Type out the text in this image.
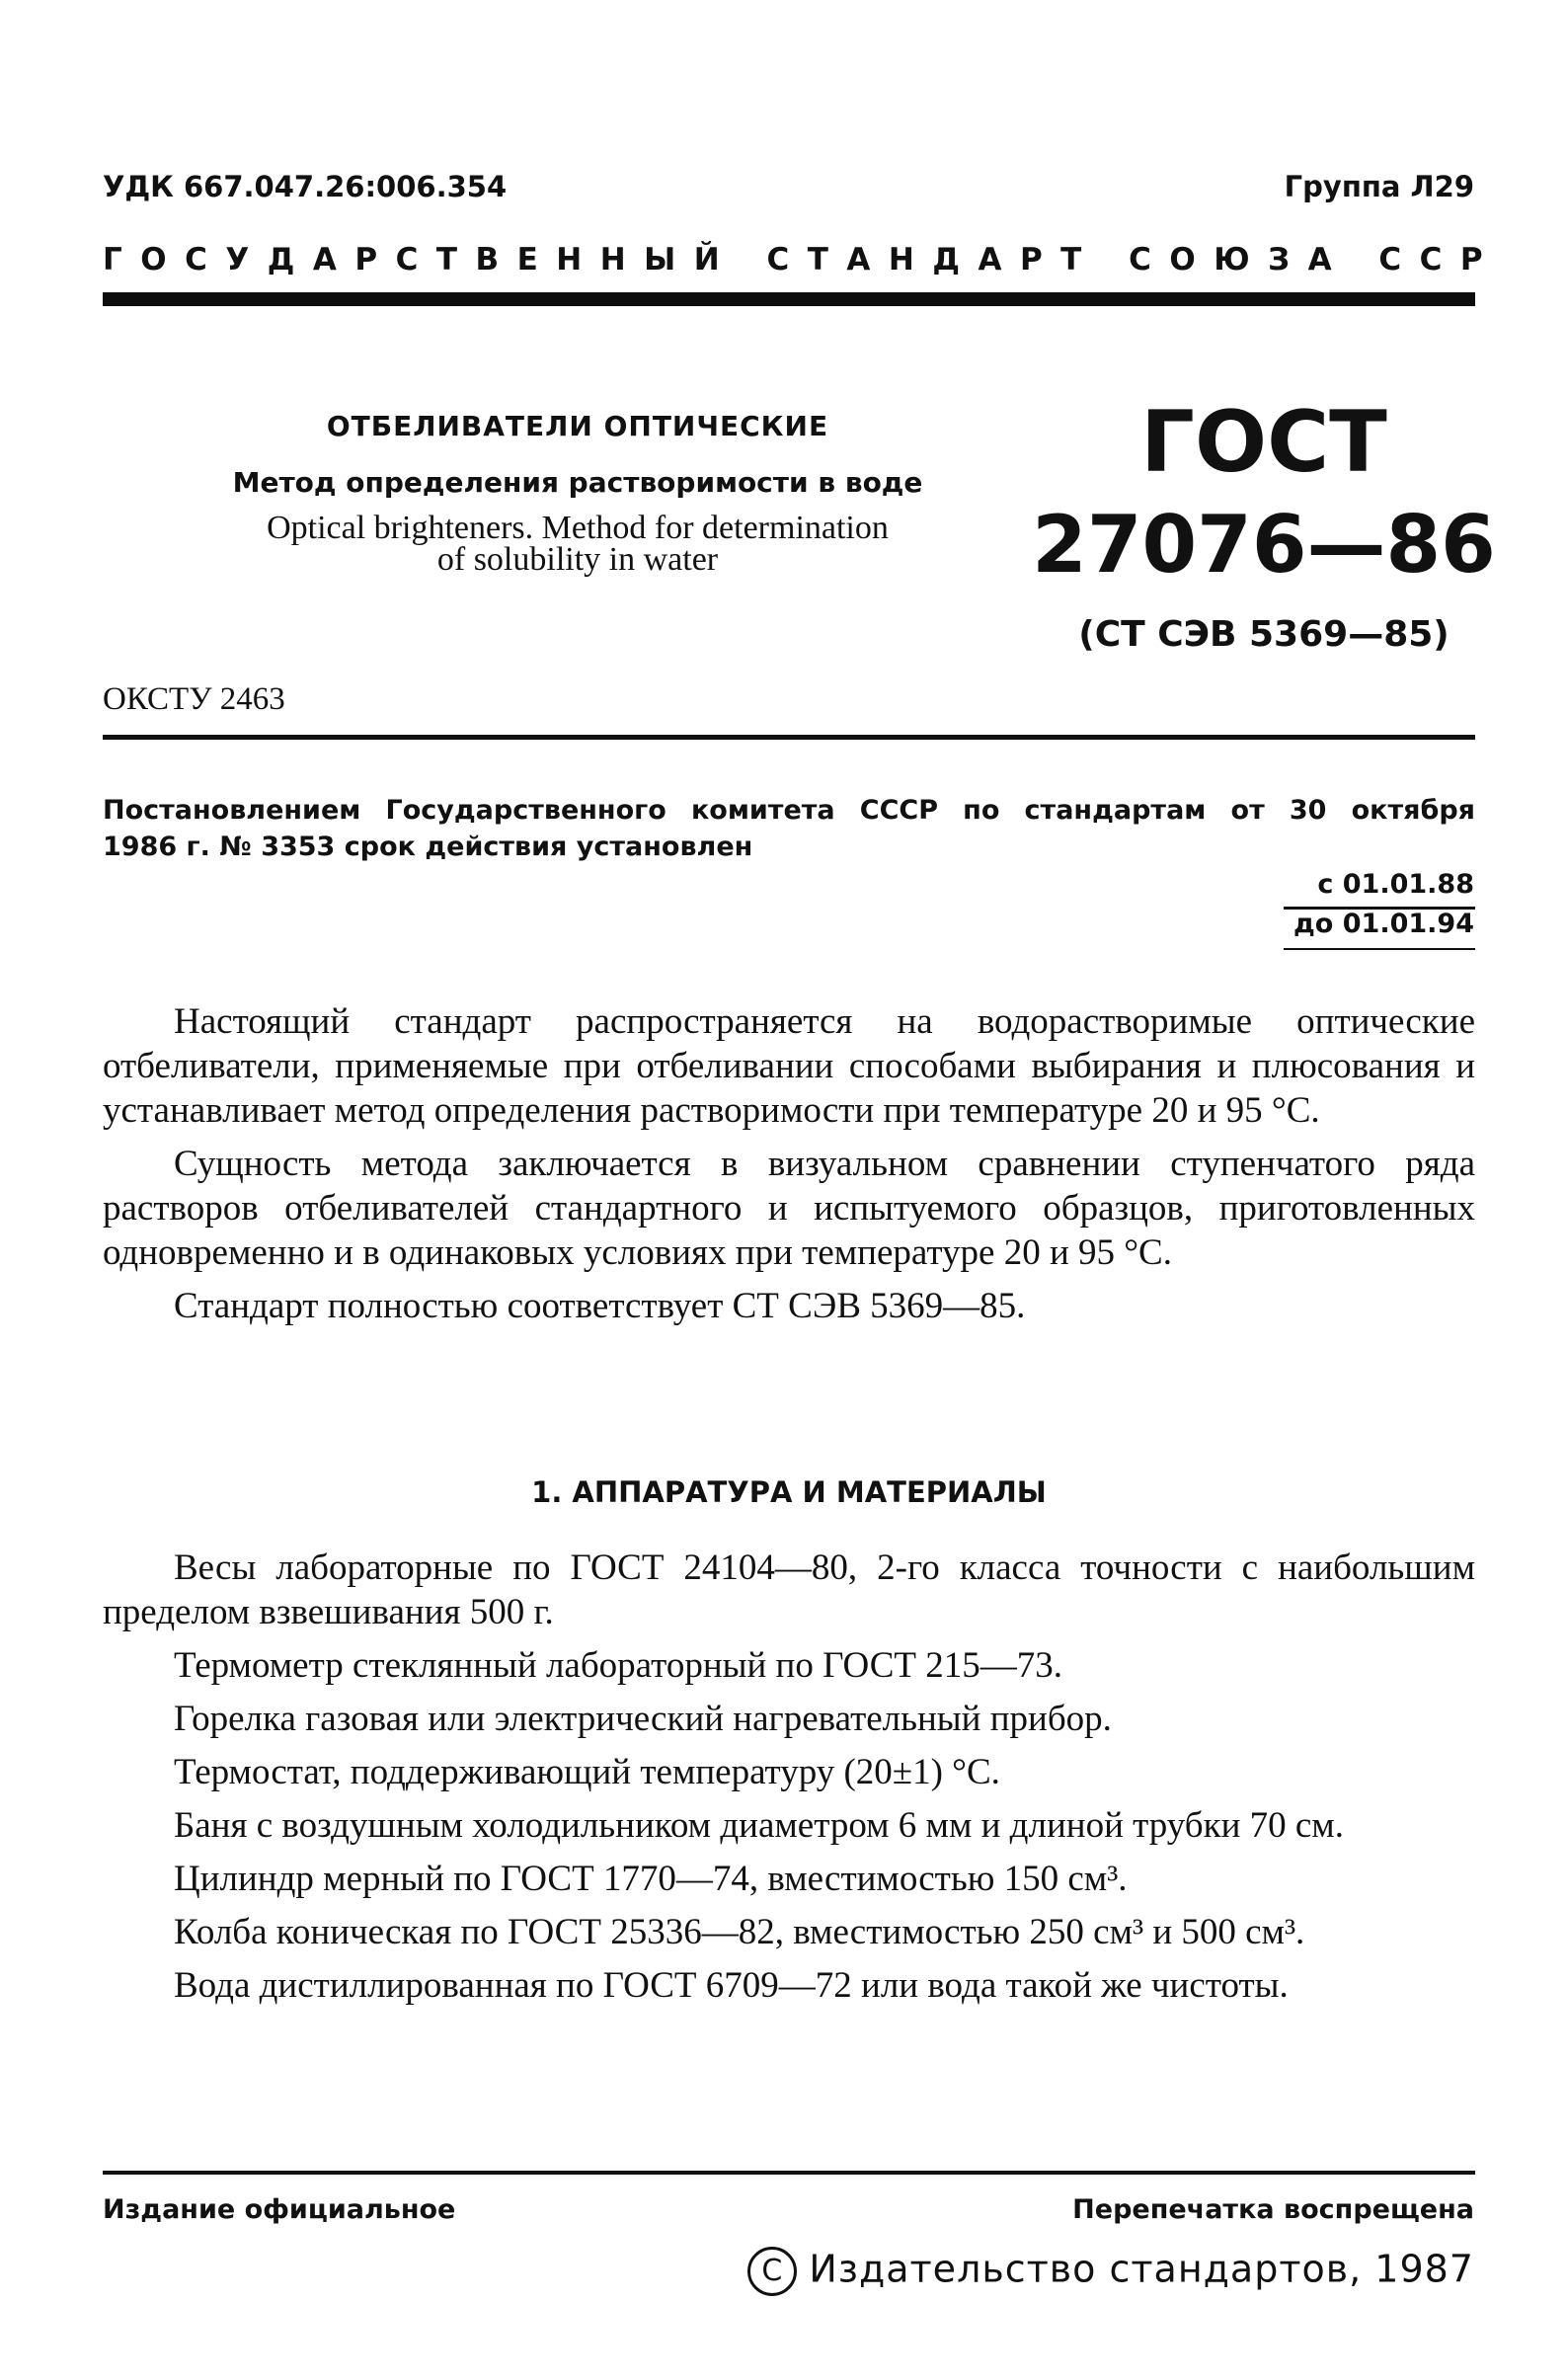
УДК 667.047.26:006.354	Группа Л29
ГОСУДАРСТВЕННЫЙ СТАНДАРТ СОЮЗА ССР
ОТБЕЛИВАТЕЛИ ОПТИЧЕСКИЕ
Метод определения растворимости в воде
Optical brighteners. Method for determination
of solubility in water
ГОСТ
27076—86
(СТ СЭВ 5369—85)
ОКСТУ 2463
Постановлением Государственного комитета СССР по стандартам от 30 октября
1986 г. № 3353 срок действия установлен
с 01.01.88
до 01.01.94

Настоящий стандарт распространяется на водорастворимые оптические отбеливатели, применяемые при отбеливании способами выбирания и плюсования и устанавливает метод определения растворимости при температуре 20 и 95 °С.

Сущность метода заключается в визуальном сравнении ступенчатого ряда растворов отбеливателей стандартного и испытуемого образцов, приготовленных одновременно и в одинаковых условиях при температуре 20 и 95 °С.

Стандарт полностью соответствует СТ СЭВ 5369—85.

1. АППАРАТУРА И МАТЕРИАЛЫ

Весы лабораторные по ГОСТ 24104—80, 2-го класса точности с наибольшим пределом взвешивания 500 г.

Термометр стеклянный лабораторный по ГОСТ 215—73.

Горелка газовая или электрический нагревательный прибор.

Термостат, поддерживающий температуру (20±1) °С.

Баня с воздушным холодильником диаметром 6 мм и длиной трубки 70 см.

Цилиндр мерный по ГОСТ 1770—74, вместимостью 150 см³.

Колба коническая по ГОСТ 25336—82, вместимостью 250 см³ и 500 см³.

Вода дистиллированная по ГОСТ 6709—72 или вода такой же чистоты.

Издание официальное	Перепечатка воспрещена
С Издательство стандартов, 1987
